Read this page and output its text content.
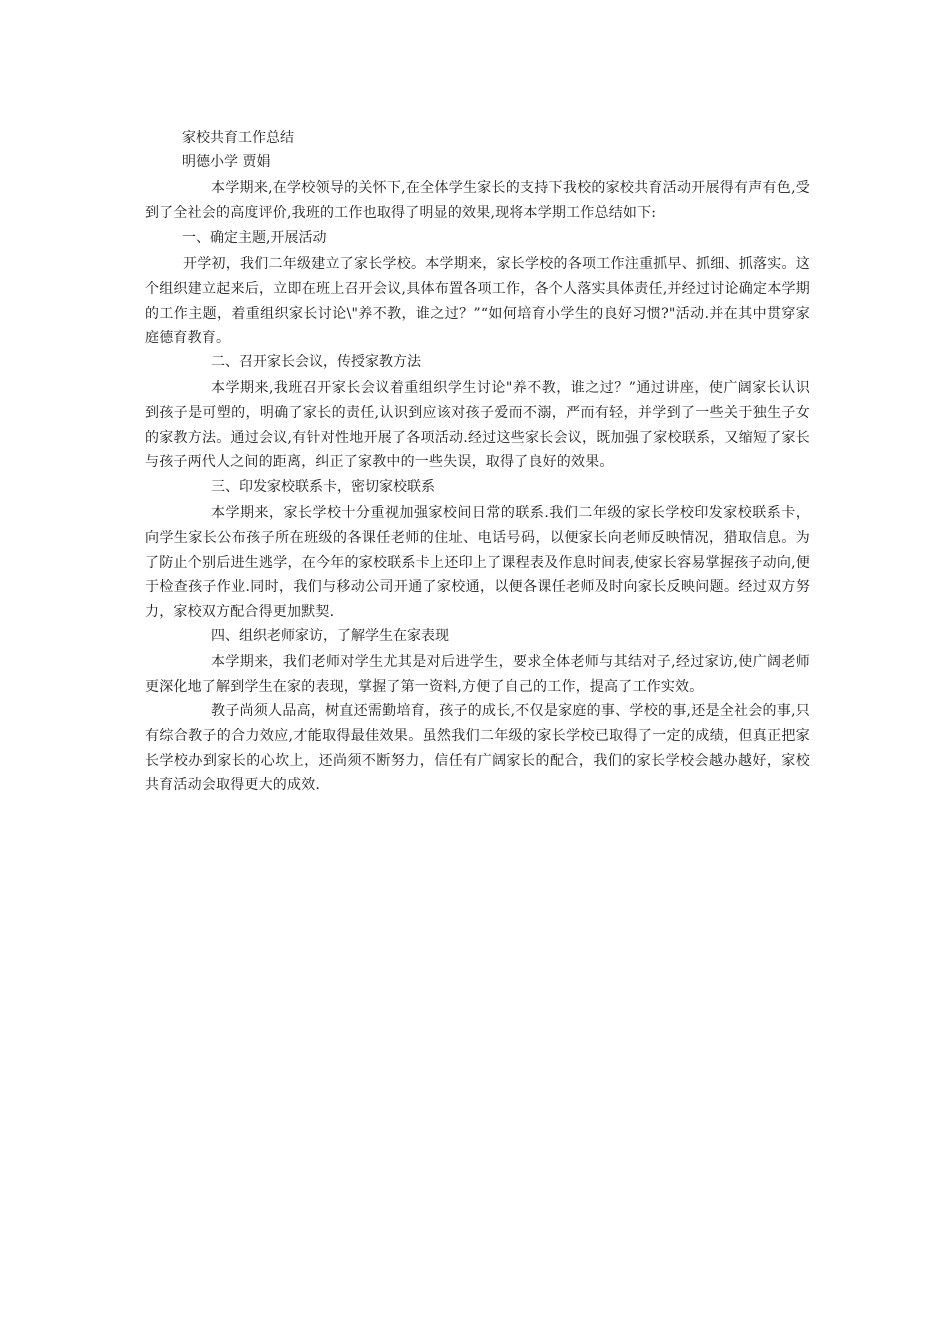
家校共育工作总结
明德小学 贾娟
本学期来,在学校领导的关怀下,在全体学生家长的支持下我校的家校共育活动开展得有声有色,受到了全社会的高度评价,我班的工作也取得了明显的效果,现将本学期工作总结如下:
一、确定主题,开展活动
开学初，我们二年级建立了家长学校。本学期来，家长学校的各项工作注重抓早、抓细、抓落实。这个组织建立起来后，立即在班上召开会议,具体布置各项工作，各个人落实具体责任,并经过讨论确定本学期的工作主题，着重组织家长讨论\"养不教，谁之过？”“如何培育小学生的良好习惯?"活动.并在其中贯穿家庭德育教育。
二、召开家长会议，传授家教方法
本学期来,我班召开家长会议着重组织学生讨论"养不教，谁之过？”通过讲座，使广阔家长认识到孩子是可塑的，明确了家长的责任,认识到应该对孩子爱而不溺，严而有轻，并学到了一些关于独生子女的家教方法。通过会议,有针对性地开展了各项活动.经过这些家长会议，既加强了家校联系，又缩短了家长与孩子两代人之间的距离，纠正了家教中的一些失误，取得了良好的效果。
三、印发家校联系卡，密切家校联系
本学期来，家长学校十分重视加强家校间日常的联系.我们二年级的家长学校印发家校联系卡，向学生家长公布孩子所在班级的各课任老师的住址、电话号码，以便家长向老师反映情况，猎取信息。为了防止个别后进生逃学，在今年的家校联系卡上还印上了课程表及作息时间表,使家长容易掌握孩子动向,便于检查孩子作业.同时，我们与移动公司开通了家校通，以便各课任老师及时向家长反映问题。经过双方努力，家校双方配合得更加默契.
四、组织老师家访，了解学生在家表现
本学期来，我们老师对学生尤其是对后进学生，要求全体老师与其结对子,经过家访,使广阔老师更深化地了解到学生在家的表现，掌握了第一资料,方便了自己的工作，提高了工作实效。
教子尚须人品高，树直还需勤培育，孩子的成长,不仅是家庭的事、学校的事,还是全社会的事,只有综合教子的合力效应,才能取得最佳效果。虽然我们二年级的家长学校已取得了一定的成绩，但真正把家长学校办到家长的心坎上，还尚须不断努力，信任有广阔家长的配合，我们的家长学校会越办越好，家校共育活动会取得更大的成效.
